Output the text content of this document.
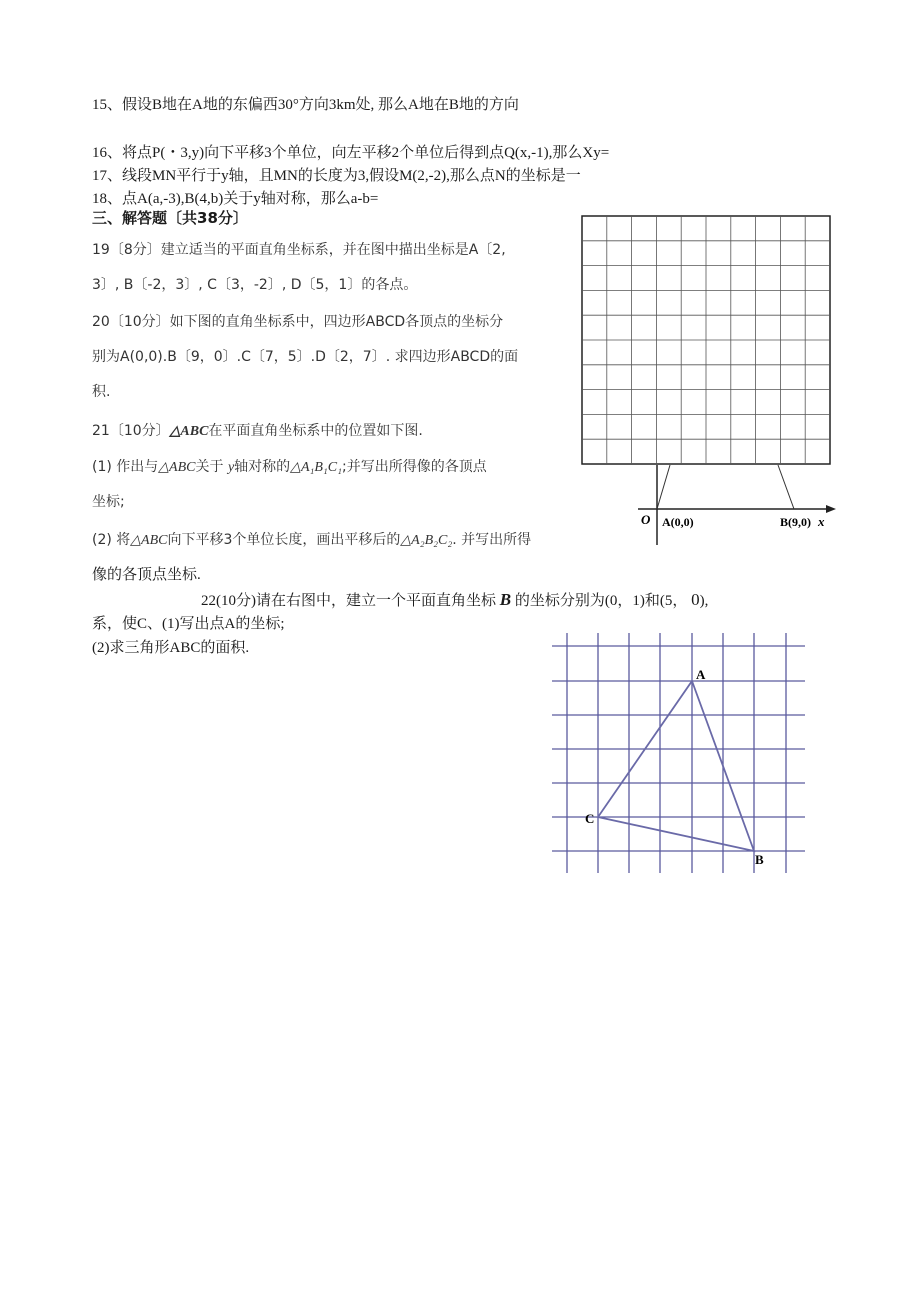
15、假设B地在A地的东偏西30°方向3km处, 那么A地在B地的方向
16、将点P(・3,y)向下平移3个单位，向左平移2个单位后得到点Q(x,-1),那么Xy=
17、线段MN平行于y轴，且MN的长度为3,假设M(2,-2),那么点N的坐标是一
18、点A(a,-3),B(4,b)关于y轴对称，那么a-b=
三、解答题〔共38分〕
19〔8分〕建立适当的平面直角坐标系，并在图中描出坐标是A〔2,
3〕, B〔-2，3〕, C〔3，-2〕, D〔5，1〕的各点。
20〔10分〕如下图的直角坐标系中，四边形ABCD各顶点的坐标分
别为A(0,0).B〔9，0〕.C〔7，5〕.D〔2，7〕. 求四边形ABCD的面
积.
21〔10分〕△ABC在平面直角坐标系中的位置如下图.
(1) 作出与△ABC关于 y轴对称的△A₁B₁C₁;并写出所得像的各顶点
坐标;
(2) 将△ABC向下平移3个单位长度，画出平移后的△A₂B₂C₂. 并写出所得
像的各顶点坐标.
22(10分)请在右图中，建立一个平面直角坐标 B 的坐标分别为(0，1)和(5， 0),
系，使C、(1)写出点A的坐标;
(2)求三角形ABC的面积.
O A(0,0)	B(9,0) x
A
B
C
